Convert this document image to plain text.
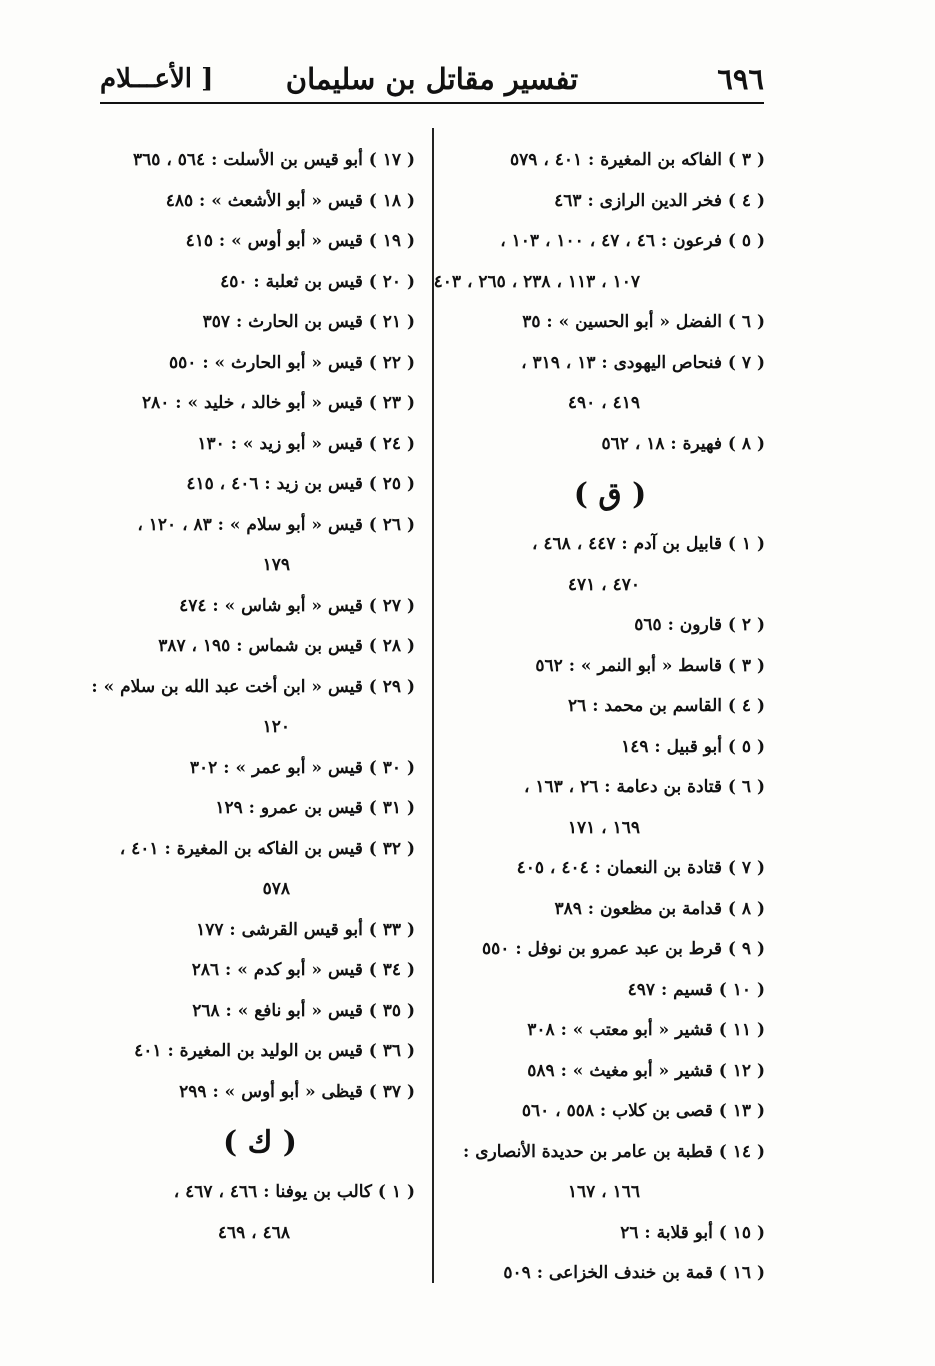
[ الأعـــلام	تفسير مقاتل بن سليمان	٦٩٦
( ٣ ) الفاكه بن المغيرة : ٤٠١ ، ٥٧٩
( ٤ ) فخر الدين الرازى : ٤٦٣
( ٥ ) فرعون : ٤٦ ، ٤٧ ، ١٠٠ ، ١٠٣ ،
١٠٧ ، ١١٣ ، ٢٣٨ ، ٢٦٥ ، ٤٠٣
( ٦ ) الفضل « أبو الحسين » : ٣٥
( ٧ ) فنحاص اليهودى : ١٣ ، ٣١٩ ،
٤١٩ ، ٤٩٠
( ٨ ) فهيرة : ١٨ ، ٥٦٢
( ق )
( ١ ) قابيل بن آدم : ٤٤٧ ، ٤٦٨ ،
٤٧٠ ، ٤٧١
( ٢ ) قارون : ٥٦٥
( ٣ ) قاسط « أبو النمر » : ٥٦٢
( ٤ ) القاسم بن محمد : ٢٦
( ٥ ) أبو قبيل : ١٤٩
( ٦ ) قتادة بن دعامة : ٢٦ ، ١٦٣ ،
١٦٩ ، ١٧١
( ٧ ) قتادة بن النعمان : ٤٠٤ ، ٤٠٥
( ٨ ) قدامة بن مظعون : ٣٨٩
( ٩ ) قرط بن عبد عمرو بن نوفل : ٥٥٠
( ١٠ ) قسيم : ٤٩٧
( ١١ ) قشير « أبو معتب » : ٣٠٨
( ١٢ ) قشير « أبو مغيث » : ٥٨٩
( ١٣ ) قصى بن كلاب : ٥٥٨ ، ٥٦٠
( ١٤ ) قطبة بن عامر بن حديدة الأنصارى :
١٦٦ ، ١٦٧
( ١٥ ) أبو قلابة : ٢٦
( ١٦ ) قمة بن خندف الخزاعى : ٥٠٩
( ١٧ ) أبو قيس بن الأسلت : ٥٦٤ ، ٣٦٥
( ١٨ ) قيس « أبو الأشعث » : ٤٨٥
( ١٩ ) قيس « أبو أوس » : ٤١٥
( ٢٠ ) قيس بن ثعلبة : ٤٥٠
( ٢١ ) قيس بن الحارث : ٣٥٧
( ٢٢ ) قيس « أبو الحارث » : ٥٥٠
( ٢٣ ) قيس « أبو خالد ، خليد » : ٢٨٠
( ٢٤ ) قيس « أبو زيد » : ١٣٠
( ٢٥ ) قيس بن زيد : ٤٠٦ ، ٤١٥
( ٢٦ ) قيس « أبو سلام » : ٨٣ ، ١٢٠ ،
١٧٩
( ٢٧ ) قيس « أبو شاس » : ٤٧٤
( ٢٨ ) قيس بن شماس : ١٩٥ ، ٣٨٧
( ٢٩ ) قيس « ابن أخت عبد الله بن سلام » :
١٢٠
( ٣٠ ) قيس « أبو عمر » : ٣٠٢
( ٣١ ) قيس بن عمرو : ١٢٩
( ٣٢ ) قيس بن الفاكه بن المغيرة : ٤٠١ ،
٥٧٨
( ٣٣ ) أبو قيس القرشى : ١٧٧
( ٣٤ ) قيس « أبو كدم » : ٢٨٦
( ٣٥ ) قيس « أبو نافع » : ٢٦٨
( ٣٦ ) قيس بن الوليد بن المغيرة : ٤٠١
( ٣٧ ) قيظى « أبو أوس » : ٢٩٩
( ك )
( ١ ) كالب بن يوفنا : ٤٦٦ ، ٤٦٧ ،
٤٦٨ ، ٤٦٩
